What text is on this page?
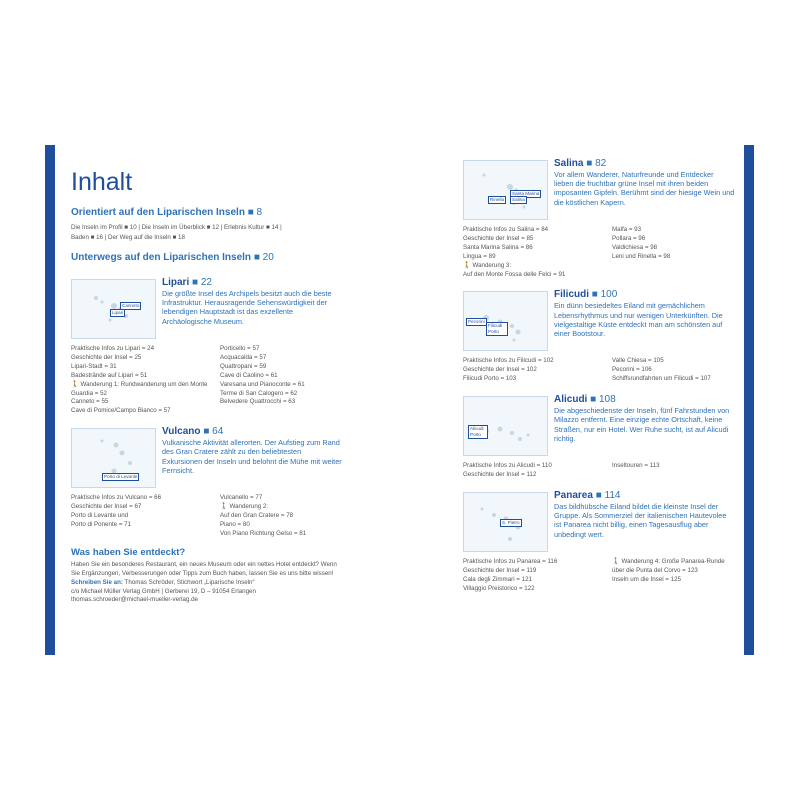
Inhalt
Orientiert auf den Liparischen Inseln ■ 8
Die Inseln im Profil ■ 10 | Die Inseln im Überblick ■ 12 | Erlebnis Kultur ■ 14 |
Baden ■ 16 | Der Weg auf die Inseln ■ 18
Unterwegs auf den Liparischen Inseln ■ 20
Canneto
Lipari
Lipari ■ 22
Die größte Insel des Archipels besitzt auch die beste Infrastruktur. Herausragende Sehenswürdigkeit der lebendigen Hauptstadt ist das exzellente Archäologische Museum.
Praktische Infos zu Lipari = 24
Geschichte der Insel = 25
Lipari-Stadt = 31
Badestrände auf Lipari = 51
🚶 Wanderung 1: Rundwanderung um den Monte Guardia = 52
Canneto = 55
Cave di Pomice/Campo Bianco = 57
Porticello = 57
Acquacalda = 57
Quattropani = 59
Cave di Caolino = 61
Varesana und Pianoconte = 61
Terme di San Calogero = 62
Belvedere Quattrocchi = 63
Porto di Levante
Vulcano ■ 64
Vulkanische Aktivität allerorten. Der Aufstieg zum Rand des Gran Cratere zählt zu den beliebtesten Exkursionen der Inseln und belohnt die Mühe mit weiter Fernsicht.
Praktische Infos zu Vulcano = 66
Geschichte der Insel = 67
Porto di Levante und
Porto di Ponente = 71
Vulcanello = 77
🚶 Wanderung 2:
Auf den Gran Cratere = 78
Piano = 80
Von Piano Richtung Gelso = 81
Was haben Sie entdeckt?
Haben Sie ein besonderes Restaurant, ein neues Museum oder ein nettes Hotel entdeckt? Wenn Sie Ergänzungen, Verbesserungen oder Tipps zum Buch haben, lassen Sie es uns bitte wissen!
Schreiben Sie an: Thomas Schröder, Stichwort „Liparische Inseln“
c/o Michael Müller Verlag GmbH | Gerberei 19, D – 91054 Erlangen
thomas.schroeder@michael-mueller-verlag.de
Santa Marina
Rinella	Salina
Salina ■ 82
Vor allem Wanderer, Naturfreunde und Entdecker lieben die fruchtbar grüne Insel mit ihren beiden imposanten Gipfeln. Berühmt sind der hiesige Wein und die köstlichen Kapern.
Praktische Infos zu Salina = 84
Geschichte der Insel = 85
Santa Marina Salina = 86
Lingua = 89
🚶 Wanderung 3:
Auf den Monte Fossa delle Felci = 91
Malfa = 93
Pollara = 96
Valdichiesa = 98
Leni und Rinella = 98
Pecorini
Filicudi Porto
Filicudi ■ 100
Ein dünn besiedeltes Eiland mit gemächlichem Lebensrhythmus und nur wenigen Unterkünften. Die vielgestaltige Küste entdeckt man am schönsten auf einer Bootstour.
Praktische Infos zu Filicudi = 102
Geschichte der Insel = 102
Filicudi Porto = 103
Valle Chiesa = 105
Pecorini = 106
Schiffsrundfahrten um Filicudi = 107
Alicudi Porto
Alicudi ■ 108
Die abgeschiedenste der Inseln, fünf Fahrstunden von Milazzo entfernt. Eine einzige echte Ortschaft, keine Straßen, nur ein Hotel. Wer Ruhe sucht, ist auf Alicudi richtig.
Praktische Infos zu Alicudi = 110
Geschichte der Insel = 112
Inseltouren = 113
S. Pietro
Panarea ■ 114
Das bildhübsche Eiland bildet die kleinste Insel der Gruppe. Als Sommerziel der italienischen Hautevolee ist Panarea nicht billig, einen Tagesausflug aber unbedingt wert.
Praktische Infos zu Panarea = 116
Geschichte der Insel = 119
Cala degli Zimmari = 121
Villaggio Preistorico = 122
🚶 Wanderung 4: Große Panarea-Runde über die Punta del Corvo = 123
Inseln um die Insel = 125
